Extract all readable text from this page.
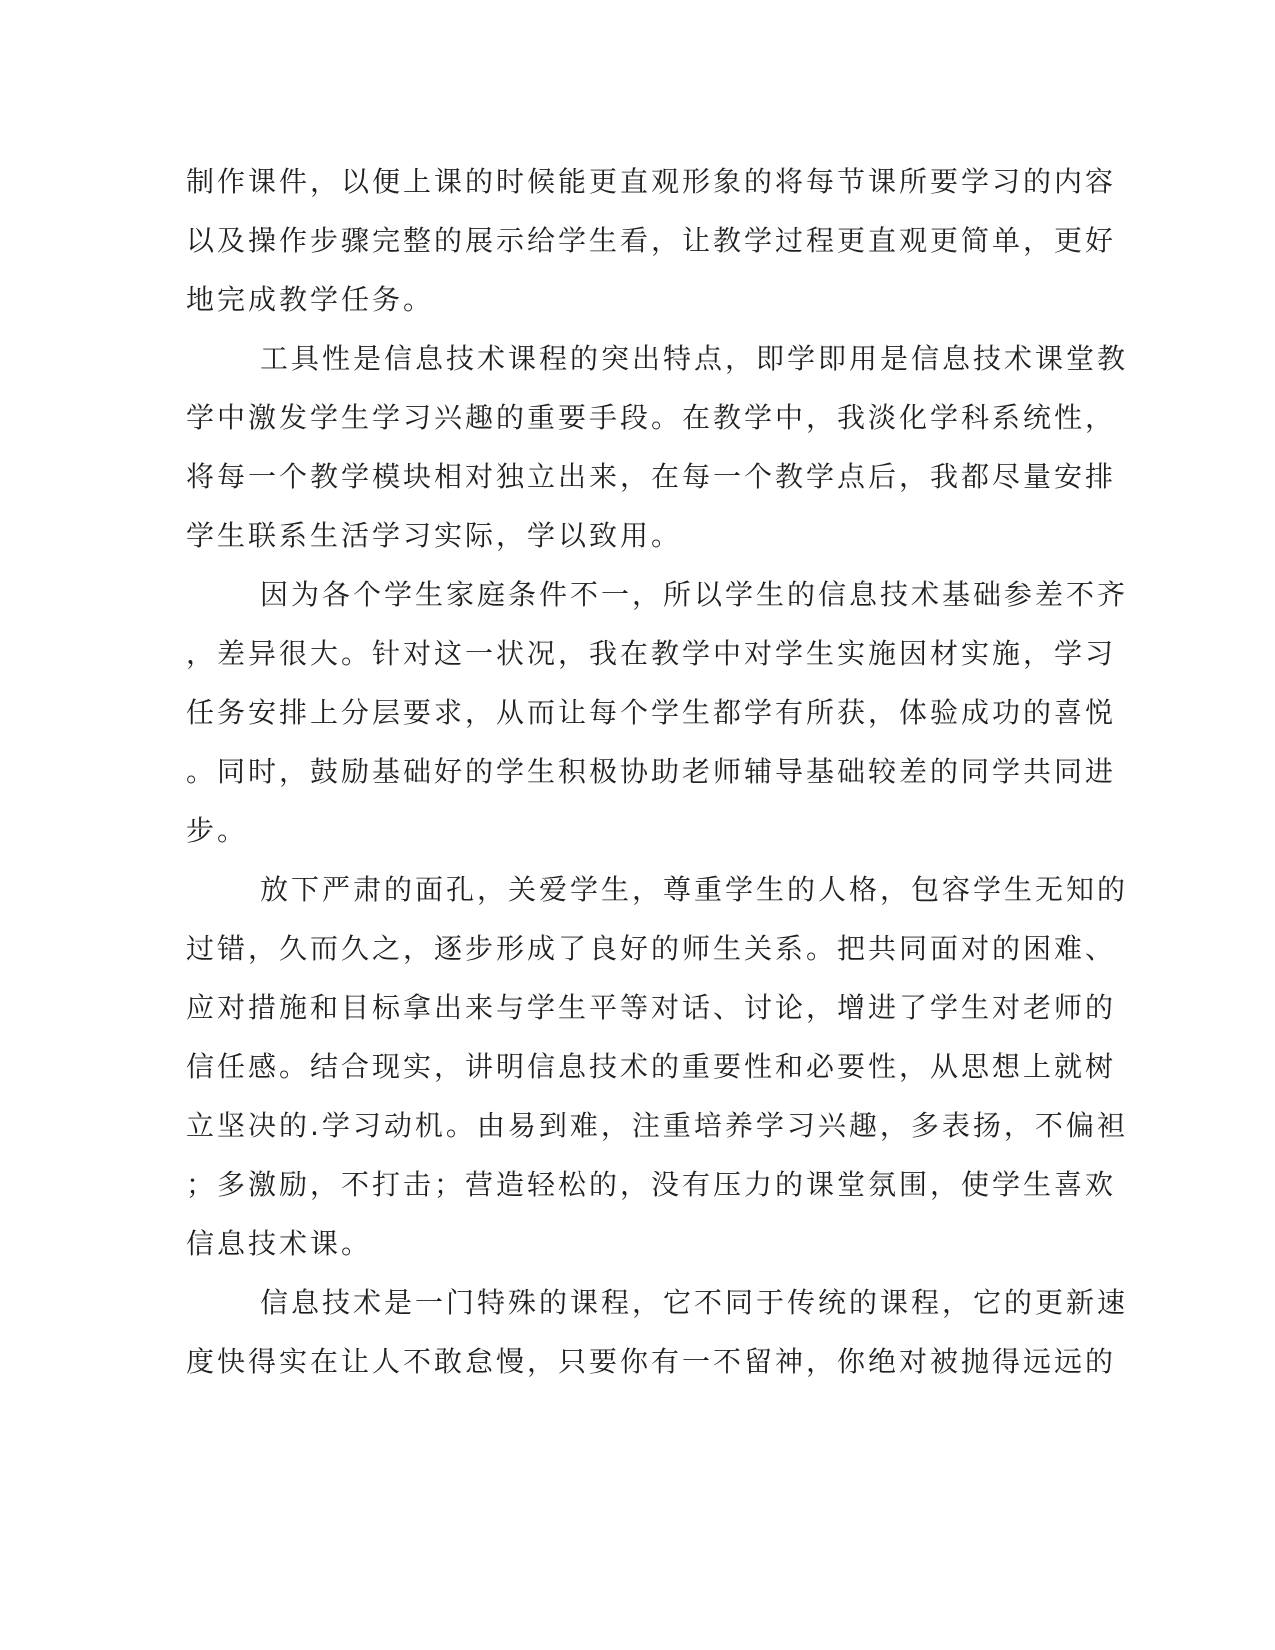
制作课件，以便上课的时候能更直观形象的将每节课所要学习的内容
以及操作步骤完整的展示给学生看，让教学过程更直观更简单，更好
地完成教学任务。
工具性是信息技术课程的突出特点，即学即用是信息技术课堂教
学中激发学生学习兴趣的重要手段。在教学中，我淡化学科系统性，
将每一个教学模块相对独立出来，在每一个教学点后，我都尽量安排
学生联系生活学习实际，学以致用。
因为各个学生家庭条件不一，所以学生的信息技术基础参差不齐
，差异很大。针对这一状况，我在教学中对学生实施因材实施，学习
任务安排上分层要求，从而让每个学生都学有所获，体验成功的喜悦
。同时，鼓励基础好的学生积极协助老师辅导基础较差的同学共同进
步。
放下严肃的面孔，关爱学生，尊重学生的人格，包容学生无知的
过错，久而久之，逐步形成了良好的师生关系。把共同面对的困难、
应对措施和目标拿出来与学生平等对话、讨论，增进了学生对老师的
信任感。结合现实，讲明信息技术的重要性和必要性，从思想上就树
立坚决的.学习动机。由易到难，注重培养学习兴趣，多表扬，不偏袒
；多激励，不打击；营造轻松的，没有压力的课堂氛围，使学生喜欢
信息技术课。
信息技术是一门特殊的课程，它不同于传统的课程，它的更新速
度快得实在让人不敢怠慢，只要你有一不留神，你绝对被抛得远远的
